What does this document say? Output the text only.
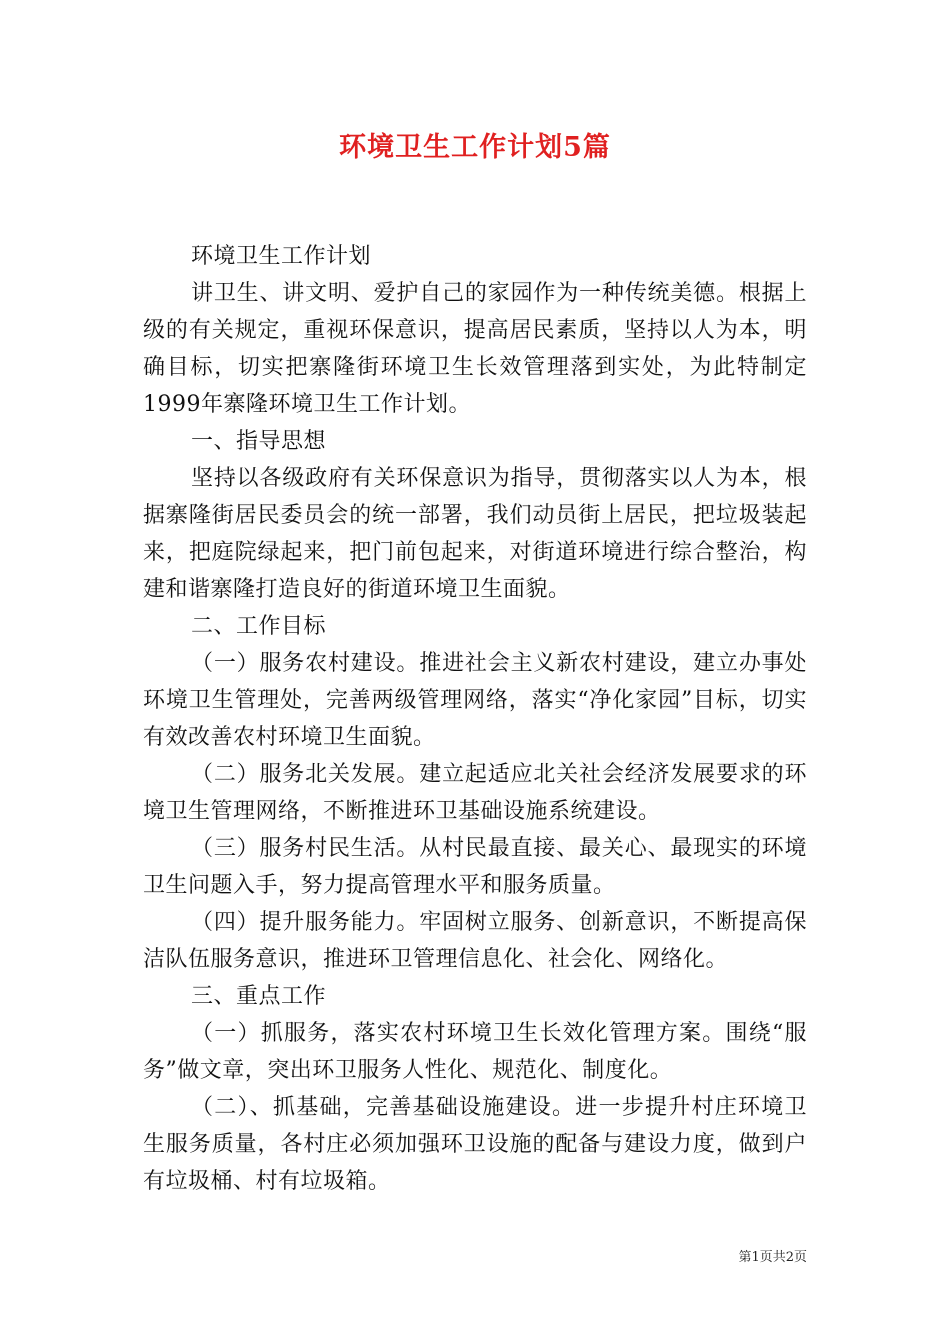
环境卫生工作计划5篇

环境卫生工作计划

讲卫生、讲文明、爱护自己的家园作为一种传统美德。根据上级的有关规定，重视环保意识，提高居民素质，坚持以人为本，明确目标，切实把寨隆街环境卫生长效管理落到实处，为此特制定1999年寨隆环境卫生工作计划。

一、指导思想

坚持以各级政府有关环保意识为指导，贯彻落实以人为本，根据寨隆街居民委员会的统一部署，我们动员街上居民，把垃圾装起来，把庭院绿起来，把门前包起来，对街道环境进行综合整治，构建和谐寨隆打造良好的街道环境卫生面貌。

二、工作目标

（一）服务农村建设。推进社会主义新农村建设，建立办事处环境卫生管理处，完善两级管理网络，落实“净化家园”目标，切实有效改善农村环境卫生面貌。

（二）服务北关发展。建立起适应北关社会经济发展要求的环境卫生管理网络，不断推进环卫基础设施系统建设。

（三）服务村民生活。从村民最直接、最关心、最现实的环境卫生问题入手，努力提高管理水平和服务质量。

（四）提升服务能力。牢固树立服务、创新意识，不断提高保洁队伍服务意识，推进环卫管理信息化、社会化、网络化。

三、重点工作

（一）抓服务，落实农村环境卫生长效化管理方案。围绕“服务”做文章，突出环卫服务人性化、规范化、制度化。

（二）、抓基础，完善基础设施建设。进一步提升村庄环境卫生服务质量，各村庄必须加强环卫设施的配备与建设力度，做到户有垃圾桶、村有垃圾箱。

第1页共2页
